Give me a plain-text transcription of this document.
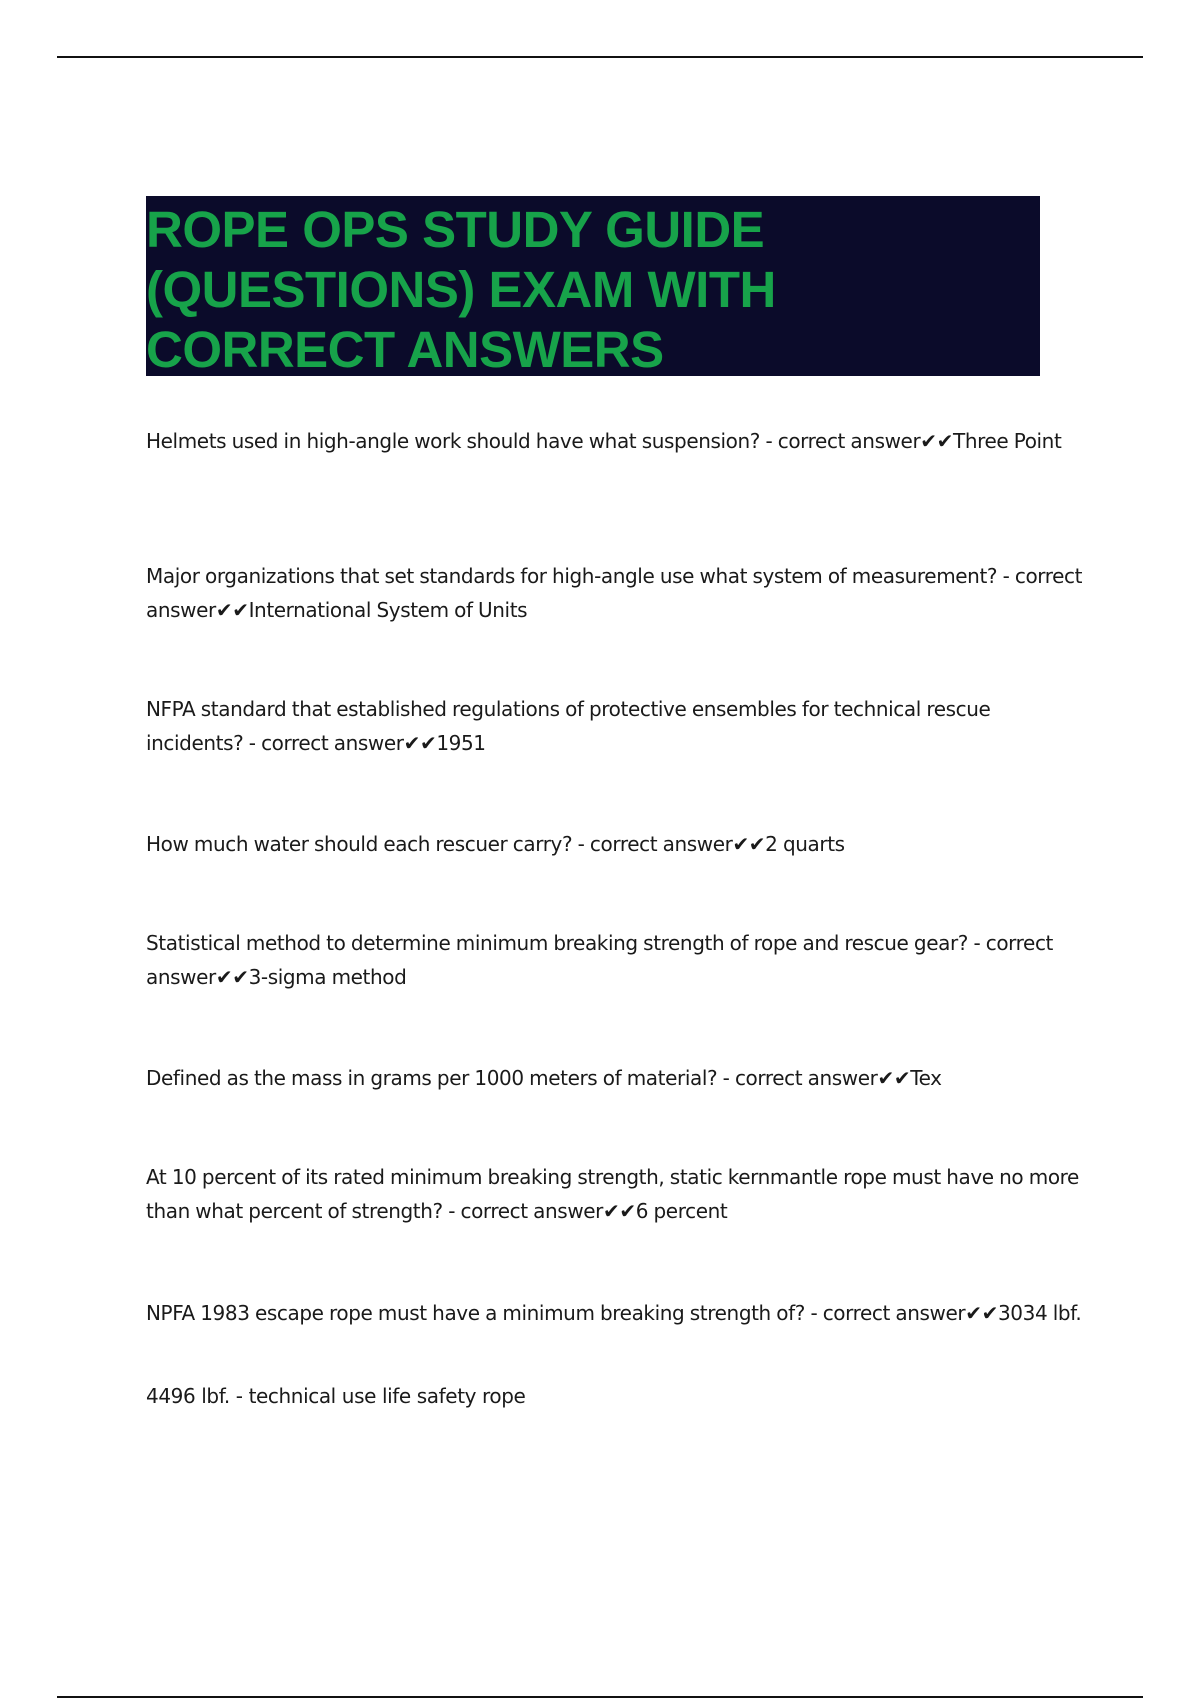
ROPE OPS STUDY GUIDE
(QUESTIONS) EXAM WITH
CORRECT ANSWERS
Helmets used in high-angle work should have what suspension? - correct answer✔✔Three Point
Major organizations that set standards for high-angle use what system of measurement? - correct answer✔✔International System of Units
NFPA standard that established regulations of protective ensembles for technical rescue incidents? - correct answer✔✔1951
How much water should each rescuer carry? - correct answer✔✔2 quarts
Statistical method to determine minimum breaking strength of rope and rescue gear? - correct answer✔✔3-sigma method
Defined as the mass in grams per 1000 meters of material? - correct answer✔✔Tex
At 10 percent of its rated minimum breaking strength, static kernmantle rope must have no more than what percent of strength? - correct answer✔✔6 percent
NPFA 1983 escape rope must have a minimum breaking strength of? - correct answer✔✔3034 lbf.
4496 lbf. - technical use life safety rope
